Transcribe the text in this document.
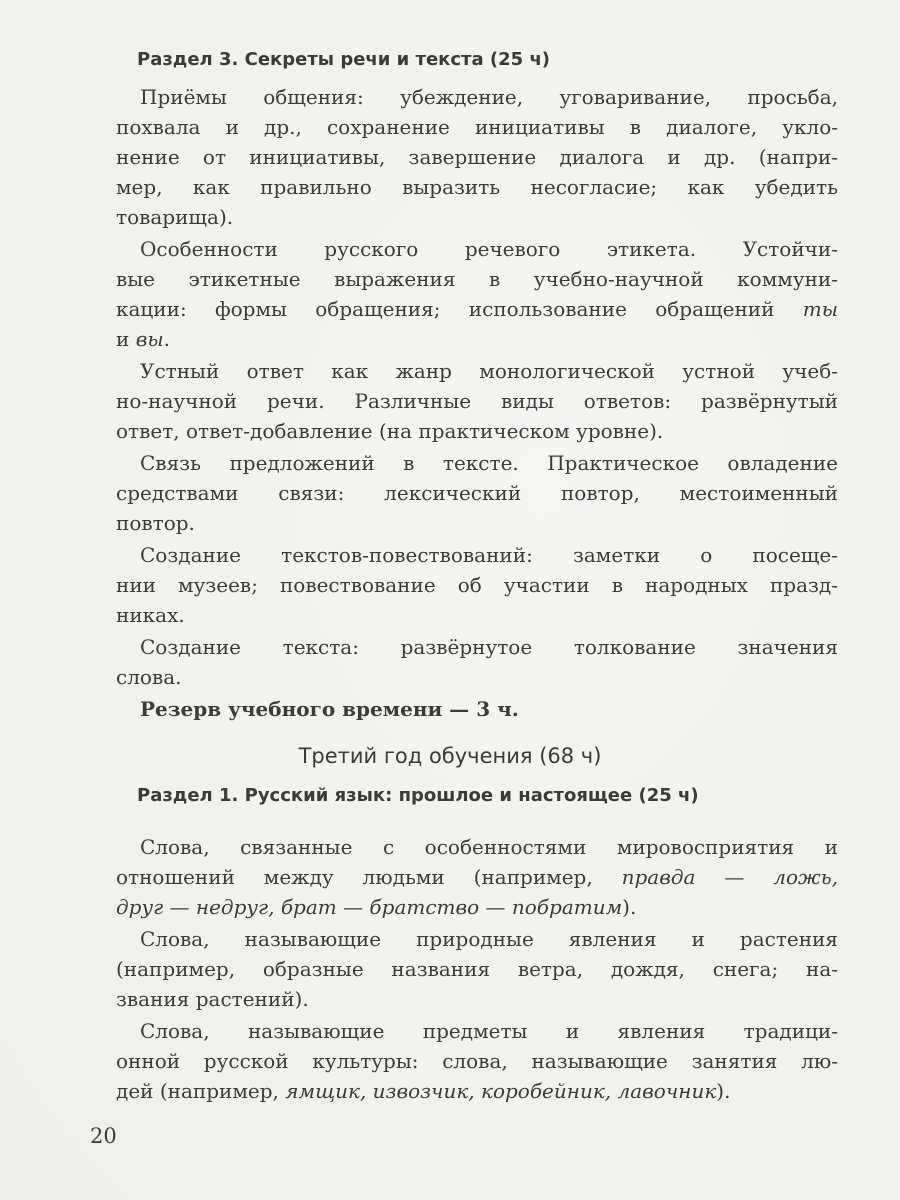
Раздел 3. Секреты речи и текста (25 ч)
Приёмы общения: убеждение, уговаривание, просьба,
похвала и др., сохранение инициативы в диалоге, укло-
нение от инициативы, завершение диалога и др. (напри-
мер, как правильно выразить несогласие; как убедить
товарища).
Особенности русского речевого этикета. Устойчи-
вые этикетные выражения в учебно-научной коммуни-
кации: формы обращения; использование обращений ты
и вы.
Устный ответ как жанр монологической устной учеб-
но-научной речи. Различные виды ответов: развёрнутый
ответ, ответ-добавление (на практическом уровне).
Связь предложений в тексте. Практическое овладение
средствами связи: лексический повтор, местоименный
повтор.
Создание текстов-повествований: заметки о посеще-
нии музеев; повествование об участии в народных празд-
никах.
Создание текста: развёрнутое толкование значения
слова.
Резерв учебного времени — 3 ч.
Третий год обучения (68 ч)
Раздел 1. Русский язык: прошлое и настоящее (25 ч)
Слова, связанные с особенностями мировосприятия и
отношений между людьми (например, правда — ложь,
друг — недруг, брат — братство — побратим).
Слова, называющие природные явления и растения
(например, образные названия ветра, дождя, снега; на-
звания растений).
Слова, называющие предметы и явления традици-
онной русской культуры: слова, называющие занятия лю-
дей (например, ямщик, извозчик, коробейник, лавочник).
20
